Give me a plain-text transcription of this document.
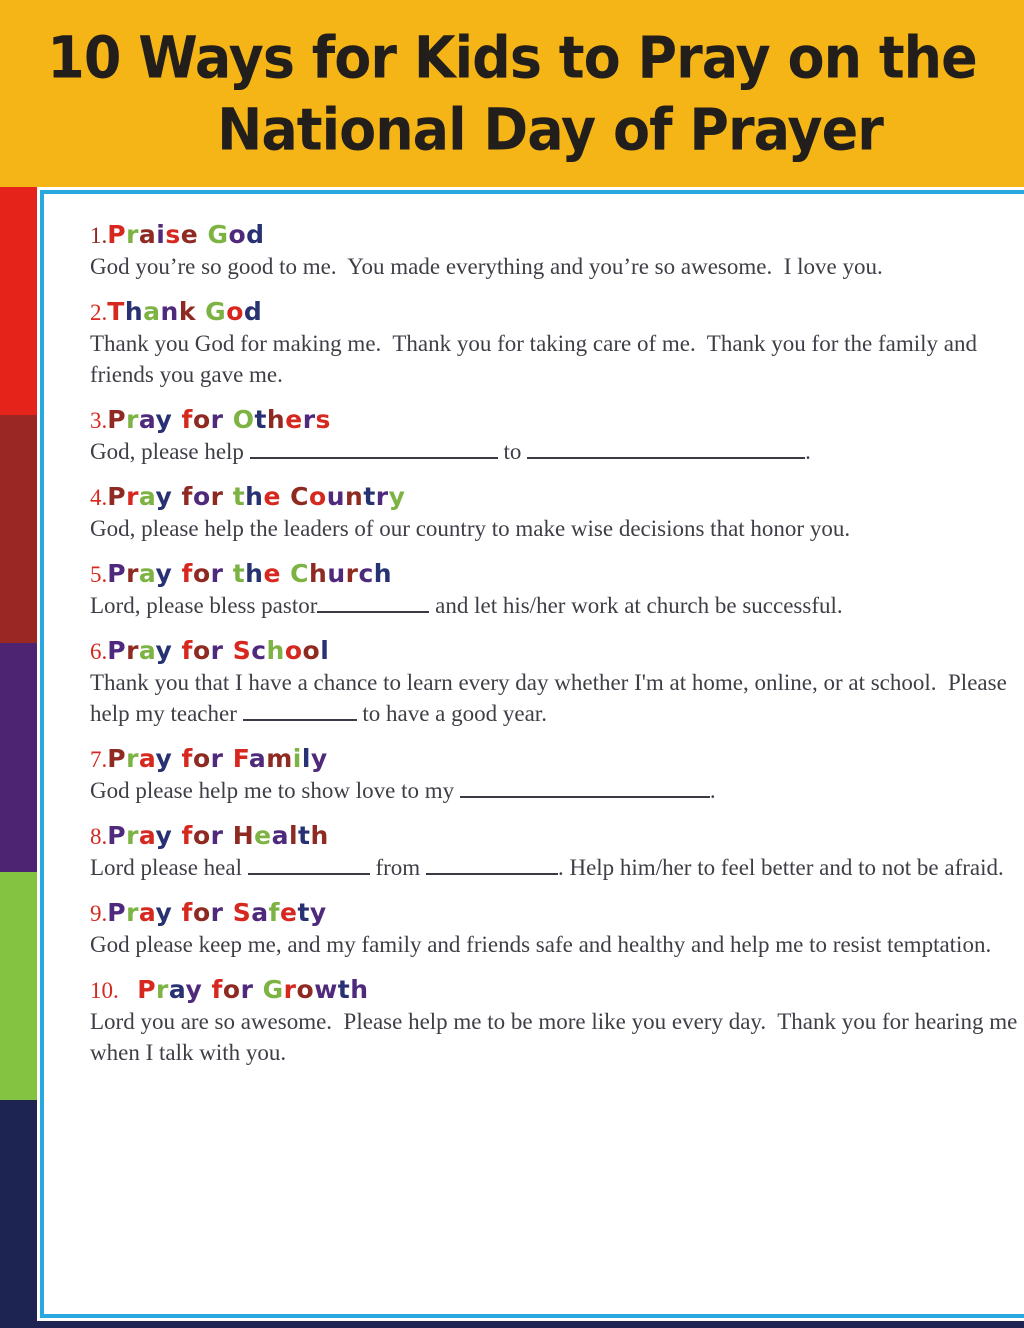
10 Ways for Kids to Pray on the
National Day of Prayer
1.Praise God

God you’re so good to me.  You made everything and you’re so awesome.  I love you.

2.Thank God

Thank you God for making me.  Thank you for taking care of me.  Thank you for the family and friends you gave me.

3.Pray for Others

God, please help	to	.

4.Pray for the Country

God, please help the leaders of our country to make wise decisions that honor you.

5.Pray for the Church

Lord, please bless pastor	and let his/her work at church be successful.

6.Pray for School

Thank you that I have a chance to learn every day whether I'm at home, online, or at school.  Please help my teacher	to have a good year.

7.Pray for Family

God please help me to show love to my	.

8.Pray for Health

Lord please heal	from	. Help him/her to feel better and to not be afraid.

9.Pray for Safety

God please keep me, and my family and friends safe and healthy and help me to resist temptation.

10. Pray for Growth

Lord you are so awesome.  Please help me to be more like you every day.  Thank you for hearing me when I talk with you.
